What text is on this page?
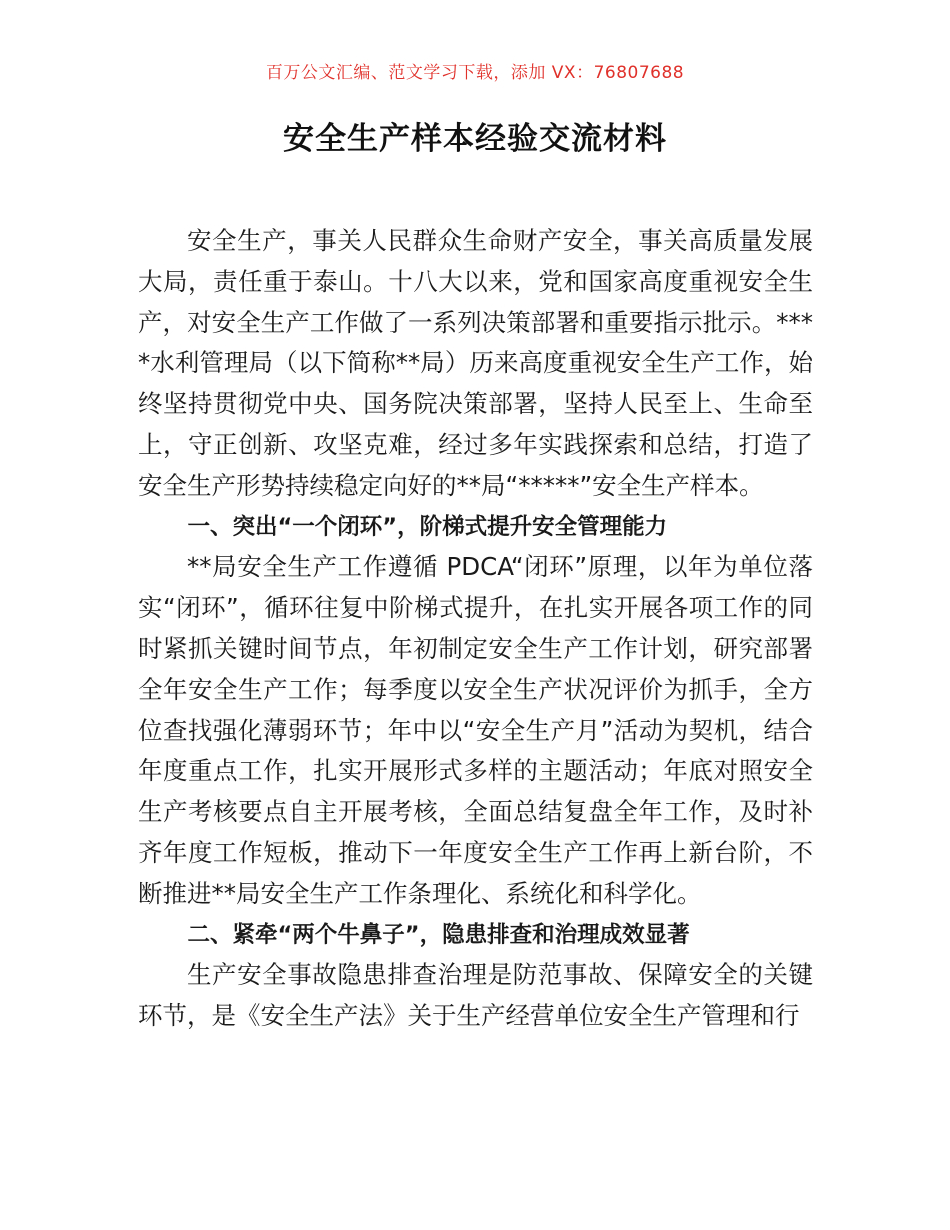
百万公文汇编、范文学习下载，添加 VX：76807688
安全生产样本经验交流材料

安全生产，事关人民群众生命财产安全，事关高质量发展大局，责任重于泰山。十八大以来，党和国家高度重视安全生产，对安全生产工作做了一系列决策部署和重要指示批示。****水利管理局（以下简称**局）历来高度重视安全生产工作，始终坚持贯彻党中央、国务院决策部署，坚持人民至上、生命至上，守正创新、攻坚克难，经过多年实践探索和总结，打造了安全生产形势持续稳定向好的**局“*****”安全生产样本。

一、突出“一个闭环”，阶梯式提升安全管理能力

**局安全生产工作遵循 PDCA“闭环”原理，以年为单位落实“闭环”，循环往复中阶梯式提升，在扎实开展各项工作的同时紧抓关键时间节点，年初制定安全生产工作计划，研究部署全年安全生产工作；每季度以安全生产状况评价为抓手，全方位查找强化薄弱环节；年中以“安全生产月”活动为契机，结合年度重点工作，扎实开展形式多样的主题活动；年底对照安全生产考核要点自主开展考核，全面总结复盘全年工作，及时补齐年度工作短板，推动下一年度安全生产工作再上新台阶，不断推进**局安全生产工作条理化、系统化和科学化。

二、紧牵“两个牛鼻子”，隐患排查和治理成效显著

生产安全事故隐患排查治理是防范事故、保障安全的关键环节，是《安全生产法》关于生产经营单位安全生产管理和行
